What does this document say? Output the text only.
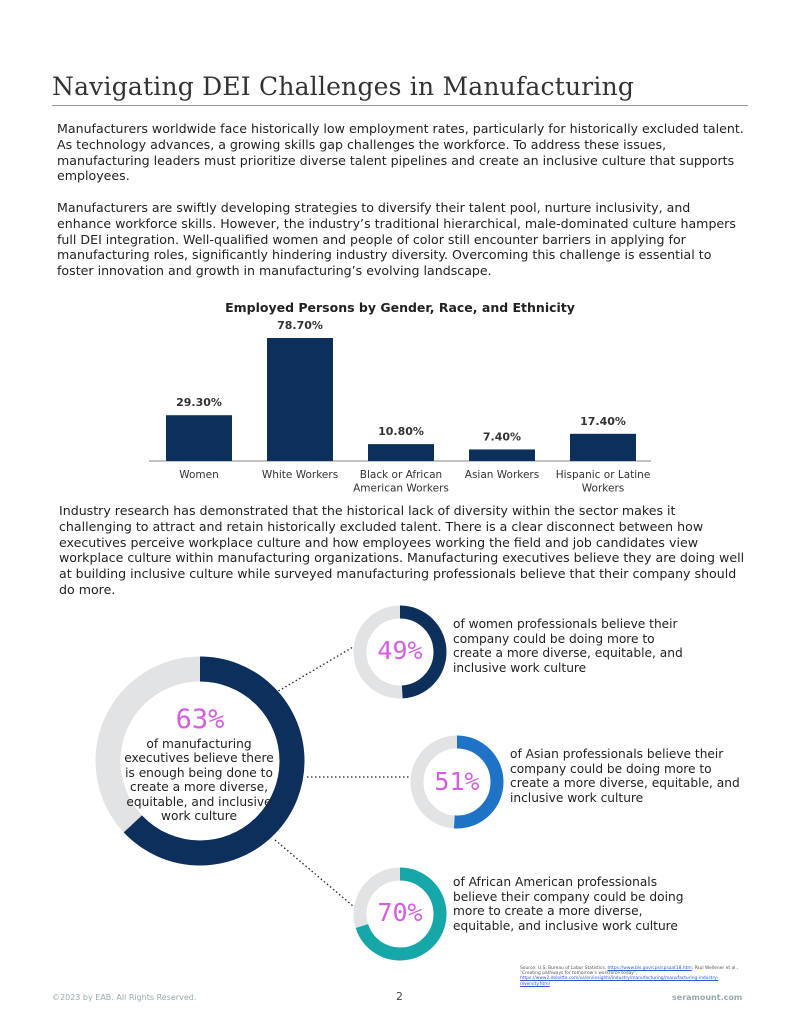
Navigating DEI Challenges in Manufacturing

Manufacturers worldwide face historically low employment rates, particularly for historically excluded talent. As technology advances, a growing skills gap challenges the workforce. To address these issues, manufacturing leaders must prioritize diverse talent pipelines and create an inclusive culture that supports employees.

Manufacturers are swiftly developing strategies to diversify their talent pool, nurture inclusivity, and enhance workforce skills. However, the industry’s traditional hierarchical, male-dominated culture hampers full DEI integration. Well-qualified women and people of color still encounter barriers in applying for manufacturing roles, significantly hindering industry diversity. Overcoming this challenge is essential to foster innovation and growth in manufacturing’s evolving landscape.

Employed Persons by Gender, Race, and Ethnicity
29.30%
Women
78.70%
White Workers
10.80%
Black or African American Workers
7.40%
Asian Workers
17.40%
Hispanic or Latine Workers

Industry research has demonstrated that the historical lack of diversity within the sector makes it challenging to attract and retain historically excluded talent. There is a clear disconnect between how executives perceive workplace culture and how employees working the field and job candidates view workplace culture within manufacturing organizations. Manufacturing executives believe they are doing well at building inclusive culture while surveyed manufacturing professionals believe that their company should do more.

63%
of manufacturing executives believe there is enough being done to create a more diverse, equitable, and inclusive work culture
49%
of women professionals believe their company could be doing more to create a more diverse, equitable, and inclusive work culture
51%
of Asian professionals believe their company could be doing more to create a more diverse, equitable, and inclusive work culture
70%
of African American professionals believe their company could be doing more to create a more diverse, equitable, and inclusive work culture
Source: U.S. Bureau of Labor Statistics, https://www.bls.gov/cps/cpsaat18.htm; Paul Wellener et al., “Creating pathways for tomorrow’s workforce today”, https://www2.deloitte.com/us/en/insights/industry/manufacturing/manufacturing-industry-diversity.html
©2023 by EAB. All Rights Reserved.	2	seramount.com
